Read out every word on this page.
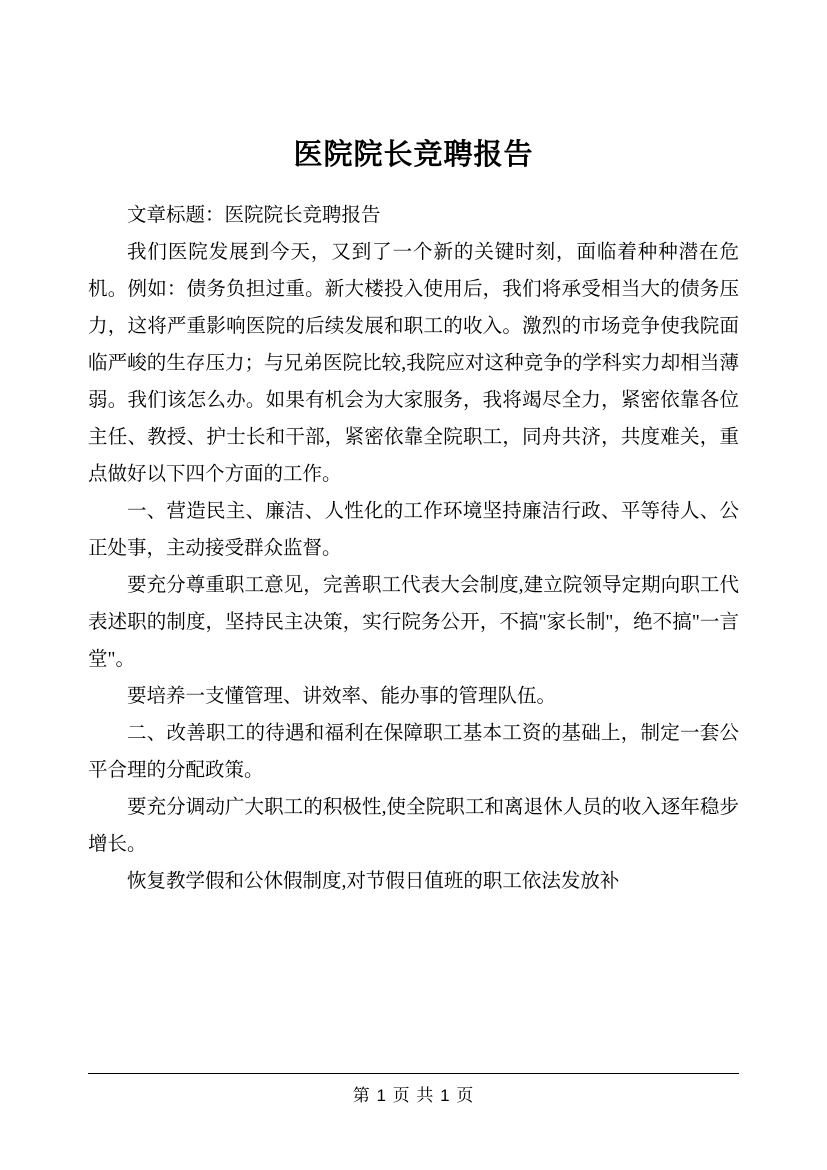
医院院长竞聘报告

文章标题：医院院长竞聘报告

我们医院发展到今天，又到了一个新的关键时刻，面临着种种潜在危机。例如：债务负担过重。新大楼投入使用后，我们将承受相当大的债务压力，这将严重影响医院的后续发展和职工的收入。激烈的市场竞争使我院面临严峻的生存压力；与兄弟医院比较,我院应对这种竞争的学科实力却相当薄弱。我们该怎么办。如果有机会为大家服务，我将竭尽全力，紧密依靠各位主任、教授、护士长和干部，紧密依靠全院职工，同舟共济，共度难关，重点做好以下四个方面的工作。

一、营造民主、廉洁、人性化的工作环境坚持廉洁行政、平等待人、公正处事，主动接受群众监督。

要充分尊重职工意见，完善职工代表大会制度,建立院领导定期向职工代表述职的制度，坚持民主决策，实行院务公开，不搞"家长制"，绝不搞"一言堂"。

要培养一支懂管理、讲效率、能办事的管理队伍。

二、改善职工的待遇和福利在保障职工基本工资的基础上，制定一套公平合理的分配政策。

要充分调动广大职工的积极性,使全院职工和离退休人员的收入逐年稳步增长。

恢复教学假和公休假制度,对节假日值班的职工依法发放补

第 1 页 共 1 页
